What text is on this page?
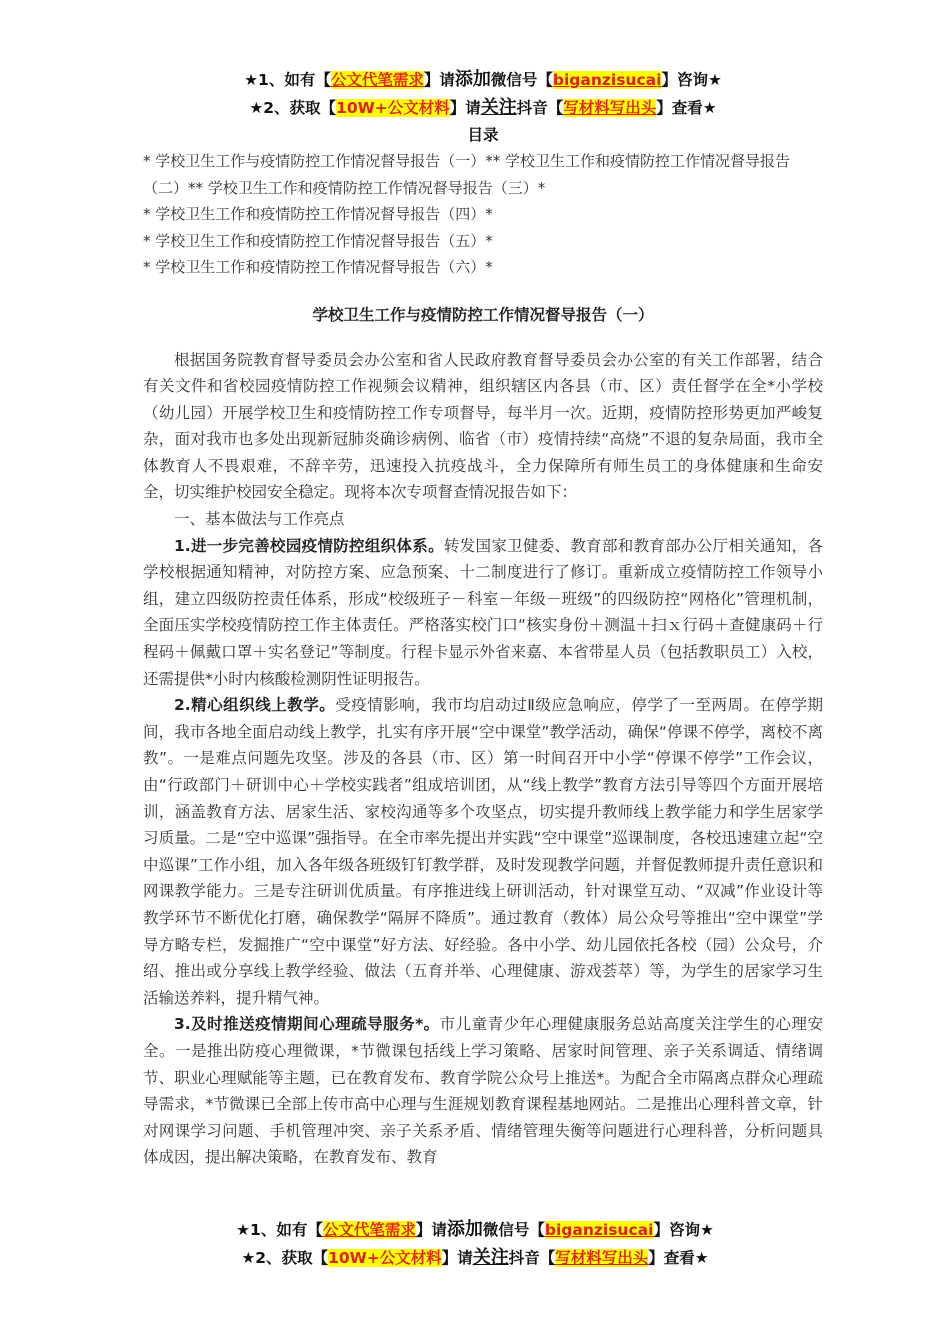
★1、如有【公文代笔需求】请添加微信号【biganzisucai】咨询★
★2、获取【10W+公文材料】请关注抖音【写材料写出头】查看★
目录

* 学校卫生工作与疫情防控工作情况督导报告（一）** 学校卫生工作和疫情防控工作情况督导报告（二）** 学校卫生工作和疫情防控工作情况督导报告（三）*

* 学校卫生工作和疫情防控工作情况督导报告（四）*

* 学校卫生工作和疫情防控工作情况督导报告（五）*

* 学校卫生工作和疫情防控工作情况督导报告（六）*

学校卫生工作与疫情防控工作情况督导报告（一）

根据国务院教育督导委员会办公室和省人民政府教育督导委员会办公室的有关工作部署，结合有关文件和省校园疫情防控工作视频会议精神，组织辖区内各县（市、区）责任督学在全*小学校（幼儿园）开展学校卫生和疫情防控工作专项督导，每半月一次。近期，疫情防控形势更加严峻复杂，面对我市也多处出现新冠肺炎确诊病例、临省（市）疫情持续“高烧”不退的复杂局面，我市全体教育人不畏艰难，不辞辛劳，迅速投入抗疫战斗，全力保障所有师生员工的身体健康和生命安全，切实维护校园安全稳定。现将本次专项督查情况报告如下：

一、基本做法与工作亮点

1.进一步完善校园疫情防控组织体系。转发国家卫健委、教育部和教育部办公厅相关通知，各学校根据通知精神，对防控方案、应急预案、十二制度进行了修订。重新成立疫情防控工作领导小组，建立四级防控责任体系，形成“校级班子－科室－年级－班级”的四级防控“网格化”管理机制，全面压实学校疫情防控工作主体责任。严格落实校门口“核实身份＋测温＋扫ｘ行码＋查健康码＋行程码＋佩戴口罩＋实名登记”等制度。行程卡显示外省来嘉、本省带星人员（包括教职员工）入校，还需提供*小时内核酸检测阴性证明报告。

2.精心组织线上教学。受疫情影响，我市均启动过Ⅱ级应急响应，停学了一至两周。在停学期间，我市各地全面启动线上教学，扎实有序开展“空中课堂”教学活动，确保“停课不停学，离校不离教”。一是难点问题先攻坚。涉及的各县（市、区）第一时间召开中小学“停课不停学”工作会议，由“行政部门＋研训中心＋学校实践者”组成培训团，从“线上教学”教育方法引导等四个方面开展培训，涵盖教育方法、居家生活、家校沟通等多个攻坚点，切实提升教师线上教学能力和学生居家学习质量。二是“空中巡课”强指导。在全市率先提出并实践“空中课堂”巡课制度，各校迅速建立起“空中巡课”工作小组，加入各年级各班级钉钉教学群，及时发现教学问题，并督促教师提升责任意识和网课教学能力。三是专注研训优质量。有序推进线上研训活动，针对课堂互动、“双减”作业设计等教学环节不断优化打磨，确保教学“隔屏不降质”。通过教育（教体）局公众号等推出“空中课堂”学导方略专栏，发掘推广“空中课堂”好方法、好经验。各中小学、幼儿园依托各校（园）公众号，介绍、推出或分享线上教学经验、做法（五育并举、心理健康、游戏荟萃）等，为学生的居家学习生活输送养料，提升精气神。

3.及时推送疫情期间心理疏导服务*。市儿童青少年心理健康服务总站高度关注学生的心理安全。一是推出防疫心理微课，*节微课包括线上学习策略、居家时间管理、亲子关系调适、情绪调节、职业心理赋能等主题，已在教育发布、教育学院公众号上推送*。为配合全市隔离点群众心理疏导需求，*节微课已全部上传市高中心理与生涯规划教育课程基地网站。二是推出心理科普文章，针对网课学习问题、手机管理冲突、亲子关系矛盾、情绪管理失衡等问题进行心理科普，分析问题具体成因，提出解决策略，在教育发布、教育

★1、如有【公文代笔需求】请添加微信号【biganzisucai】咨询★
★2、获取【10W+公文材料】请关注抖音【写材料写出头】查看★
